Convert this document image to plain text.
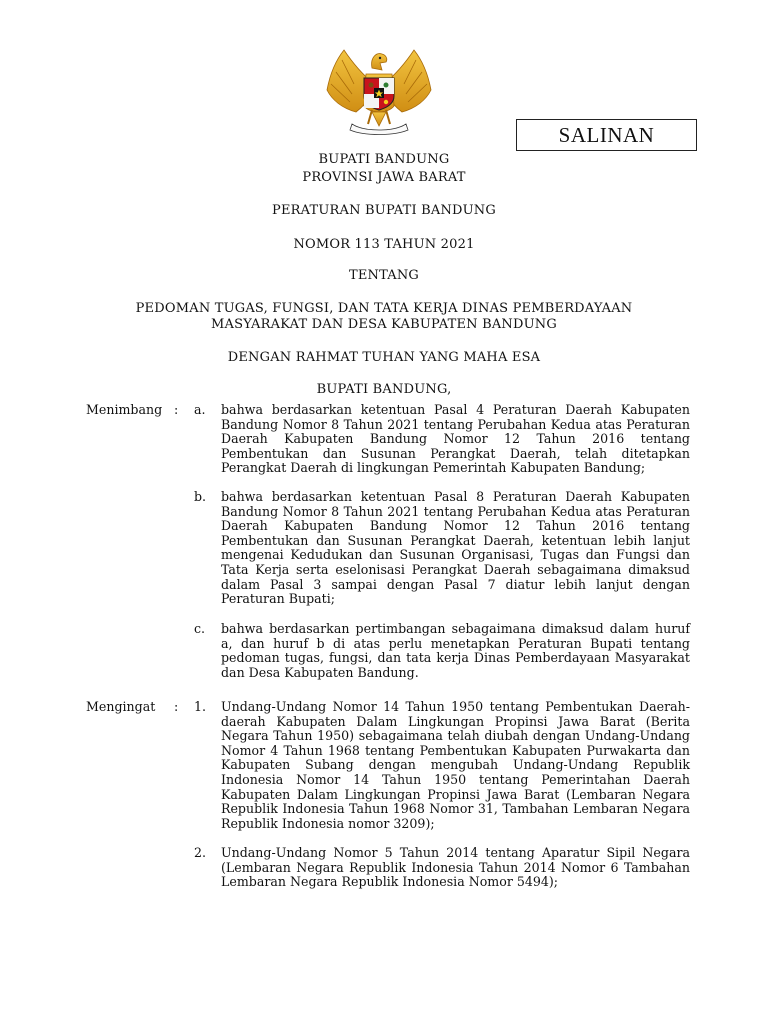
SALINAN
BUPATI BANDUNG
PROVINSI JAWA BARAT
PERATURAN BUPATI BANDUNG
NOMOR 113 TAHUN 2021
TENTANG
PEDOMAN TUGAS, FUNGSI, DAN TATA KERJA DINAS PEMBERDAYAAN
MASYARAKAT DAN DESA KABUPATEN BANDUNG
DENGAN RAHMAT TUHAN YANG MAHA ESA
BUPATI BANDUNG,
Menimbang : a. bahwa berdasarkan ketentuan Pasal 4 Peraturan Daerah Kabupaten Bandung Nomor 8 Tahun 2021 tentang Perubahan Kedua atas Peraturan Daerah Kabupaten Bandung Nomor 12 Tahun 2016 tentang Pembentukan dan Susunan Perangkat Daerah, telah ditetapkan Perangkat Daerah di lingkungan Pemerintah Kabupaten Bandung;
b. bahwa berdasarkan ketentuan Pasal 8 Peraturan Daerah Kabupaten Bandung Nomor 8 Tahun 2021 tentang Perubahan Kedua atas Peraturan Daerah Kabupaten Bandung Nomor 12 Tahun 2016 tentang Pembentukan dan Susunan Perangkat Daerah, ketentuan lebih lanjut mengenai Kedudukan dan Susunan Organisasi, Tugas dan Fungsi dan Tata Kerja serta eselonisasi Perangkat Daerah sebagaimana dimaksud dalam Pasal 3 sampai dengan Pasal 7 diatur lebih lanjut dengan Peraturan Bupati;
c. bahwa berdasarkan pertimbangan sebagaimana dimaksud dalam huruf a, dan huruf b di atas perlu menetapkan Peraturan Bupati tentang pedoman tugas, fungsi, dan tata kerja Dinas Pemberdayaan Masyarakat dan Desa Kabupaten Bandung.
Mengingat	: 1. Undang-Undang Nomor 14 Tahun 1950 tentang Pembentukan Daerah-daerah Kabupaten Dalam Lingkungan Propinsi Jawa Barat (Berita Negara Tahun 1950) sebagaimana telah diubah dengan Undang-Undang Nomor 4 Tahun 1968 tentang Pembentukan Kabupaten Purwakarta dan Kabupaten Subang dengan mengubah Undang-Undang Republik Indonesia Nomor 14 Tahun 1950 tentang Pemerintahan Daerah Kabupaten Dalam Lingkungan Propinsi Jawa Barat (Lembaran Negara Republik Indonesia Tahun 1968 Nomor 31, Tambahan Lembaran Negara Republik Indonesia nomor 3209);
2. Undang-Undang Nomor 5 Tahun 2014 tentang Aparatur Sipil Negara (Lembaran Negara Republik Indonesia Tahun 2014 Nomor 6 Tambahan Lembaran Negara Republik Indonesia Nomor 5494);
